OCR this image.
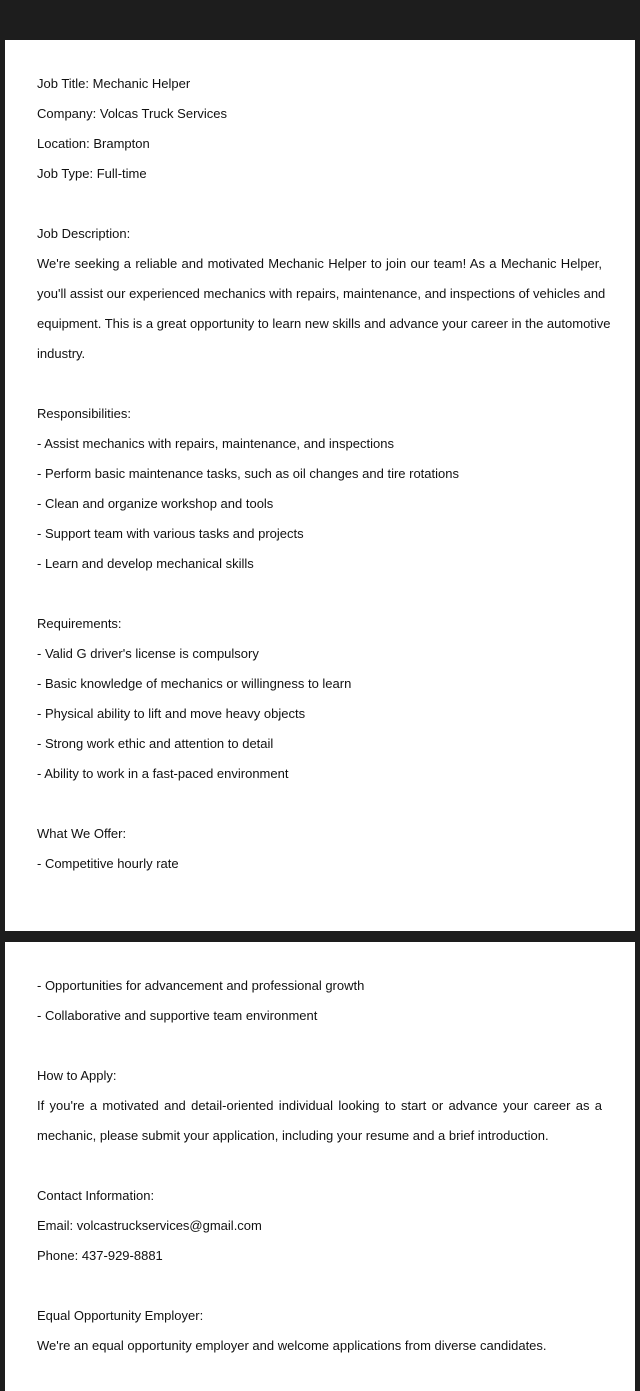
Job Title: Mechanic Helper
Company: Volcas Truck Services
Location: Brampton
Job Type: Full-time
Job Description:
We're seeking a reliable and motivated Mechanic Helper to join our team! As a Mechanic Helper,
you'll assist our experienced mechanics with repairs, maintenance, and inspections of vehicles and
equipment. This is a great opportunity to learn new skills and advance your career in the automotive
industry.
Responsibilities:
- Assist mechanics with repairs, maintenance, and inspections
- Perform basic maintenance tasks, such as oil changes and tire rotations
- Clean and organize workshop and tools
- Support team with various tasks and projects
- Learn and develop mechanical skills
Requirements:
- Valid G driver's license is compulsory
- Basic knowledge of mechanics or willingness to learn
- Physical ability to lift and move heavy objects
- Strong work ethic and attention to detail
- Ability to work in a fast-paced environment
What We Offer:
- Competitive hourly rate
- Opportunities for advancement and professional growth
- Collaborative and supportive team environment
How to Apply:
If you're a motivated and detail-oriented individual looking to start or advance your career as a
mechanic, please submit your application, including your resume and a brief introduction.
Contact Information:
Email: volcastruckservices@gmail.com
Phone: 437-929-8881
Equal Opportunity Employer:
We're an equal opportunity employer and welcome applications from diverse candidates.
